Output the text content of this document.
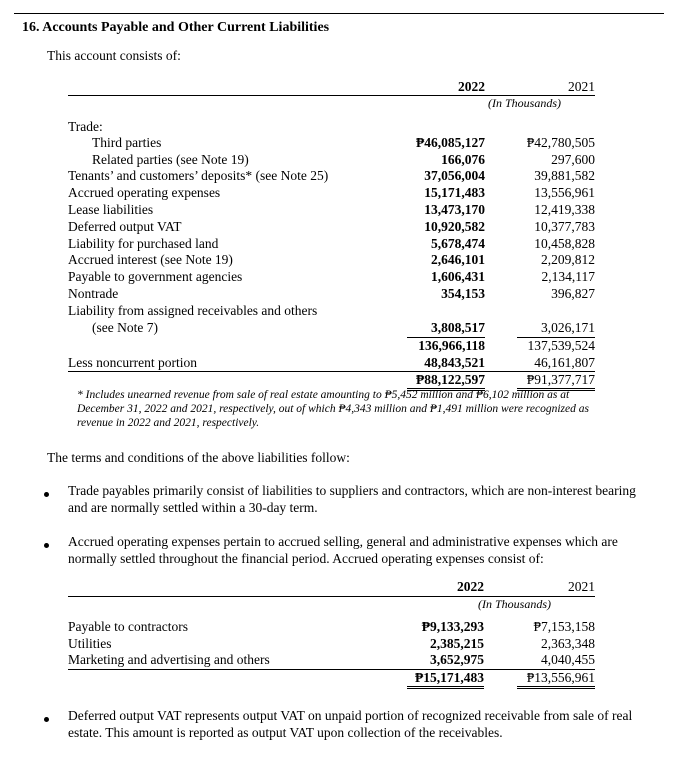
16. Accounts Payable and Other Current Liabilities
This account consists of:
2022	2021
(In Thousands)
Trade:
Third parties	₱46,085,127	₱42,780,505
Related parties (see Note 19)	166,076	297,600
Tenants’ and customers’ deposits* (see Note 25)	37,056,004	39,881,582
Accrued operating expenses	15,171,483	13,556,961
Lease liabilities	13,473,170	12,419,338
Deferred output VAT	10,920,582	10,377,783
Liability for purchased land	5,678,474	10,458,828
Accrued interest (see Note 19)	2,646,101	2,209,812
Payable to government agencies	1,606,431	2,134,117
Nontrade	354,153	396,827
Liability from assigned receivables and others
(see Note 7)	3,808,517	3,026,171
136,966,118	137,539,524
Less noncurrent portion	48,843,521	46,161,807
₱88,122,597	₱91,377,717
* Includes unearned revenue from sale of real estate amounting to ₱5,452 million and ₱6,102 million as at December 31, 2022 and 2021, respectively, out of which ₱4,343 million and ₱1,491 million were recognized as revenue in 2022 and 2021, respectively.
The terms and conditions of the above liabilities follow:
Trade payables primarily consist of liabilities to suppliers and contractors, which are non-interest bearing and are normally settled within a 30-day term.
Accrued operating expenses pertain to accrued selling, general and administrative expenses which are normally settled throughout the financial period. Accrued operating expenses consist of:
2022	2021
(In Thousands)
Payable to contractors	₱9,133,293	₱7,153,158
Utilities	2,385,215	2,363,348
Marketing and advertising and others	3,652,975	4,040,455
₱15,171,483	₱13,556,961
Deferred output VAT represents output VAT on unpaid portion of recognized receivable from sale of real estate. This amount is reported as output VAT upon collection of the receivables.
